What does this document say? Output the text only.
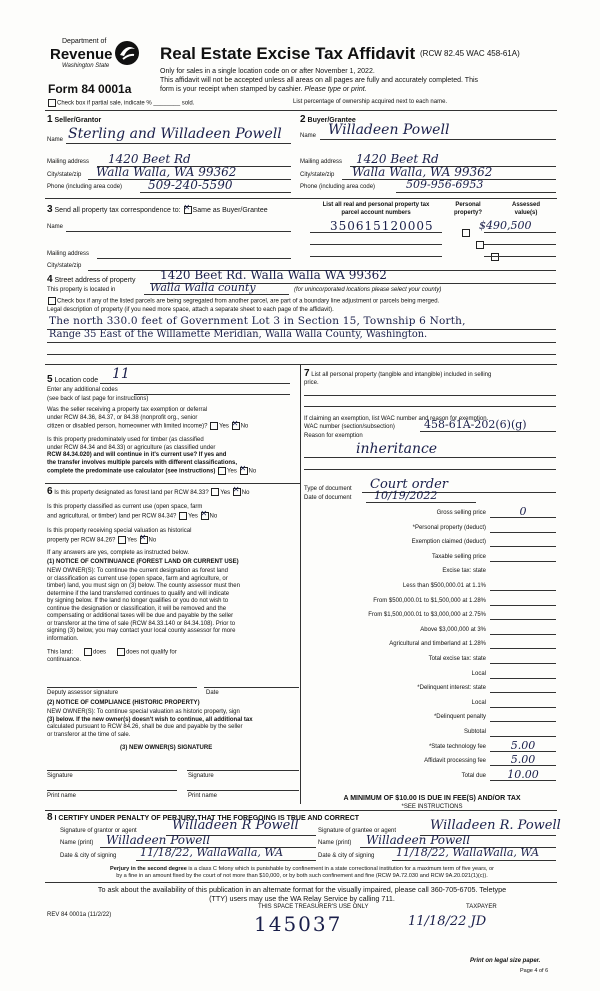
Department of
Revenue
Washington State
Form 84 0001a
Real Estate Excise Tax Affidavit (RCW 82.45 WAC 458-61A)
Only for sales in a single location code on or after November 1, 2022.
This affidavit will not be accepted unless all areas on all pages are fully and accurately completed. This
form is your receipt when stamped by cashier. Please type or print.
Check box if partial sale, indicate % ________ sold.	List percentage of ownership acquired next to each name.
1 Seller/Grantor
Name Sterling and Willadeen Powell
Mailing address 1420 Beet Rd
City/state/zip Walla Walla, WA 99362
Phone (including area code) 509-240-5590
2 Buyer/Grantee
Name Willadeen Powell
Mailing address 1420 Beet Rd
City/state/zip Walla Walla, WA 99362
Phone (including area code)	509-956-6953
3 Send all property tax correspondence to: ✕ Same as Buyer/Grantee
Name
Mailing address
City/state/zip
List all real and personal property tax
parcel account numbers
Personal
property?
Assessed
value(s)
350615120005
	$490,500
4 Street address of property 1420 Beet Rd. Walla Walla WA 99362
This property is located in	Walla Walla county	(for unincorporated locations please select your county)
Check box if any of the listed parcels are being segregated from another parcel, are part of a boundary line adjustment or parcels being merged.
Legal description of property (if you need more space, attach a separate sheet to each page of the affidavit).
The north 330.0 feet of Government Lot 3 in Section 15, Township 6 North,
Range 35 East of the Willamette Meridian, Walla Walla County, Washington.
5 Location code 11
Enter any additional codes
(see back of last page for instructions)
Was the seller receiving a property tax exemption or deferral
under RCW 84.36, 84.37, or 84.38 (nonprofit org., senior
citizen or disabled person, homeowner with limited income)? Yes ✕ No
Is this property predominately used for timber (as classified
under RCW 84.34 and 84.33) or agriculture (as classified under
RCW 84.34.020) and will continue in it's current use? If yes and
the transfer involves multiple parcels with different classifications,
complete the predominate use calculator (see instructions) Yes ✕ No
6 Is this property designated as forest land per RCW 84.33? Yes ✕ No
Is this property classified as current use (open space, farm
and agricultural, or timber) land per RCW 84.34? Yes ✕ No
Is this property receiving special valuation as historical
property per RCW 84.26? Yes ✕ No
If any answers are yes, complete as instructed below.
(1) NOTICE OF CONTINUANCE (FOREST LAND OR CURRENT USE)
NEW OWNER(S): To continue the current designation as forest land
or classification as current use (open space, farm and agriculture, or
timber) land, you must sign on (3) below. The county assessor must then
determine if the land transferred continues to qualify and will indicate
by signing below. If the land no longer qualifies or you do not wish to
continue the designation or classification, it will be removed and the
compensating or additional taxes will be due and payable by the seller
or transferor at the time of sale (RCW 84.33.140 or 84.34.108). Prior to
signing (3) below, you may contact your local county assessor for more
information.
This land:	does	does not qualify for
continuance.
Deputy assessor signature	Date
(2) NOTICE OF COMPLIANCE (HISTORIC PROPERTY)
NEW OWNER(S): To continue special valuation as historic property, sign
(3) below. If the new owner(s) doesn't wish to continue, all additional tax
calculated pursuant to RCW 84.26, shall be due and payable by the seller
or transferor at the time of sale.
(3) NEW OWNER(S) SIGNATURE
Signature	Signature
Print name	Print name
7 List all personal property (tangible and intangible) included in selling
price.
If claiming an exemption, list WAC number and reason for exemption.
WAC number (section/subsection)	458-61A-202(6)(g)
Reason for exemption
inheritance
Type of document Court order
Date of document 10/19/2022
Gross selling price	0
*Personal property (deduct)
Exemption claimed (deduct)
Taxable selling price
Excise tax: state
Less than $500,000.01 at 1.1%
From $500,000.01 to $1,500,000 at 1.28%
From $1,500,000.01 to $3,000,000 at 2.75%
Above $3,000,000 at 3%
Agricultural and timberland at 1.28%
Total excise tax: state
Local
*Delinquent interest: state
Local
*Delinquent penalty
Subtotal
*State technology fee	5.00
Affidavit processing fee	5.00
Total due	10.00
A MINIMUM OF $10.00 IS DUE IN FEE(S) AND/OR TAX
*SEE INSTRUCTIONS
8 I CERTIFY UNDER PENALTY OF PERJURY THAT THE FOREGOING IS TRUE AND CORRECT
Signature of grantor or agent	Willadeen R Powell
Name (print) Willadeen Powell
Date & city of signing 11/18/22, WallaWalla, WA
Signature of grantee or agent	Willadeen R. Powell
Name (print) Willadeen Powell
Date & city of signing 11/18/22, WallaWalla, WA
Perjury in the second degree is a class C felony which is punishable by confinement in a state correctional institution for a maximum term of five years, or
by a fine in an amount fixed by the court of not more than $10,000, or by both such confinement and fine (RCW 9A.72.030 and RCW 9A.20.021(1)(c)).
To ask about the availability of this publication in an alternate format for the visually impaired, please call 360-705-6705. Teletype
(TTY) users may use the WA Relay Service by calling 711.
REV 84 0001a (11/2/22)
THIS SPACE TREASURER'S USE ONLY	TAXPAYER
145037	11/18/22 JD
Print on legal size paper.
Page 4 of 6
